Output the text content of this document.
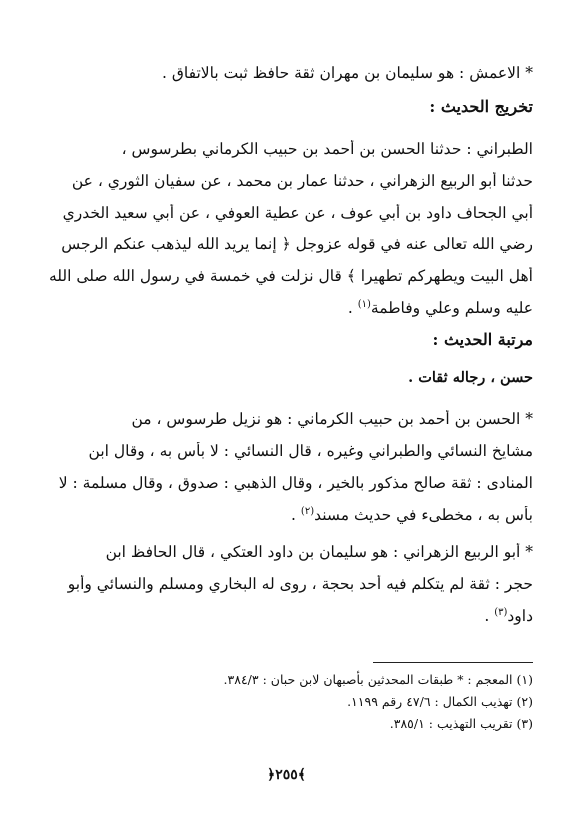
* الاعمش : هو سليمان بن مهران ثقة حافظ ثبت بالاتفاق .
تخريج الحديث :
الطبراني : حدثنا الحسن بن أحمد بن حبيب الكرماني بطرسوس ،
حدثنا أبو الربيع الزهراني ، حدثنا عمار بن محمد ، عن سفيان الثوري ، عن
أبي الجحاف داود بن أبي عوف ، عن عطية العوفي ، عن أبي سعيد الخدري
رضي الله تعالى عنه في قوله عزوجل ﴿ إنما يريد الله ليذهب عنكم الرجس
أهل البيت ويطهركم تطهيرا ﴾ قال نزلت في خمسة في رسول الله صلى الله
عليه وسلم وعلي وفاطمة$^{(١)}$ .
مرتبة الحديث :
حسن ، رجاله ثقات .
* الحسن بن أحمد بن حبيب الكرماني : هو نزيل طرسوس ، من
مشايخ النسائي والطبراني وغيره ، قال النسائي : لا بأس به ، وقال ابن
المنادى : ثقة صالح مذكور بالخير ، وقال الذهبي : صدوق ، وقال مسلمة : لا
بأس به ، مخطىء في حديث مسند$^{(٢)}$ .
* أبو الربيع الزهراني : هو سليمان بن داود العتكي ، قال الحافظ ابن
حجر : ثقة لم يتكلم فيه أحد بحجة ، روى له البخاري ومسلم والنسائي وأبو
داود$^{(٣)}$ .
(١) المعجم : * طبقات المحدثين بأصبهان لابن حبان : ٣٨٤/٣.
(٢) تهذيب الكمال : ٤٧/٦ رقم ١١٩٩.
(٣) تقريب التهذيب : ٣٨٥/١.
﴿٢٥٥﴾
